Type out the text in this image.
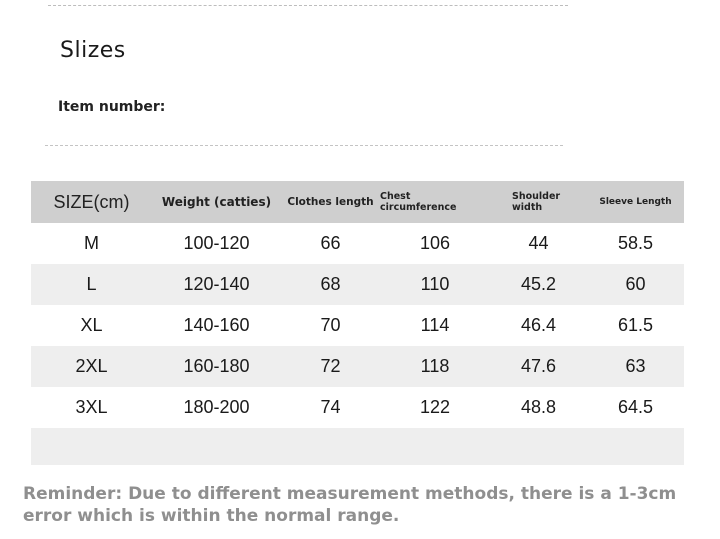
Slizes
Item number:
SIZE(cm)	Weight (catties)	Clothes length	Chest circumference	Shoulder width	Sleeve Length
M	100-120	66	106	44	58.5
L	120-140	68	110	45.2	60
XL	140-160	70	114	46.4	61.5
2XL	160-180	72	118	47.6	63
3XL	180-200	74	122	48.8	64.5

Reminder: Due to different measurement methods, there is a 1-3cm error which is within the normal range.
